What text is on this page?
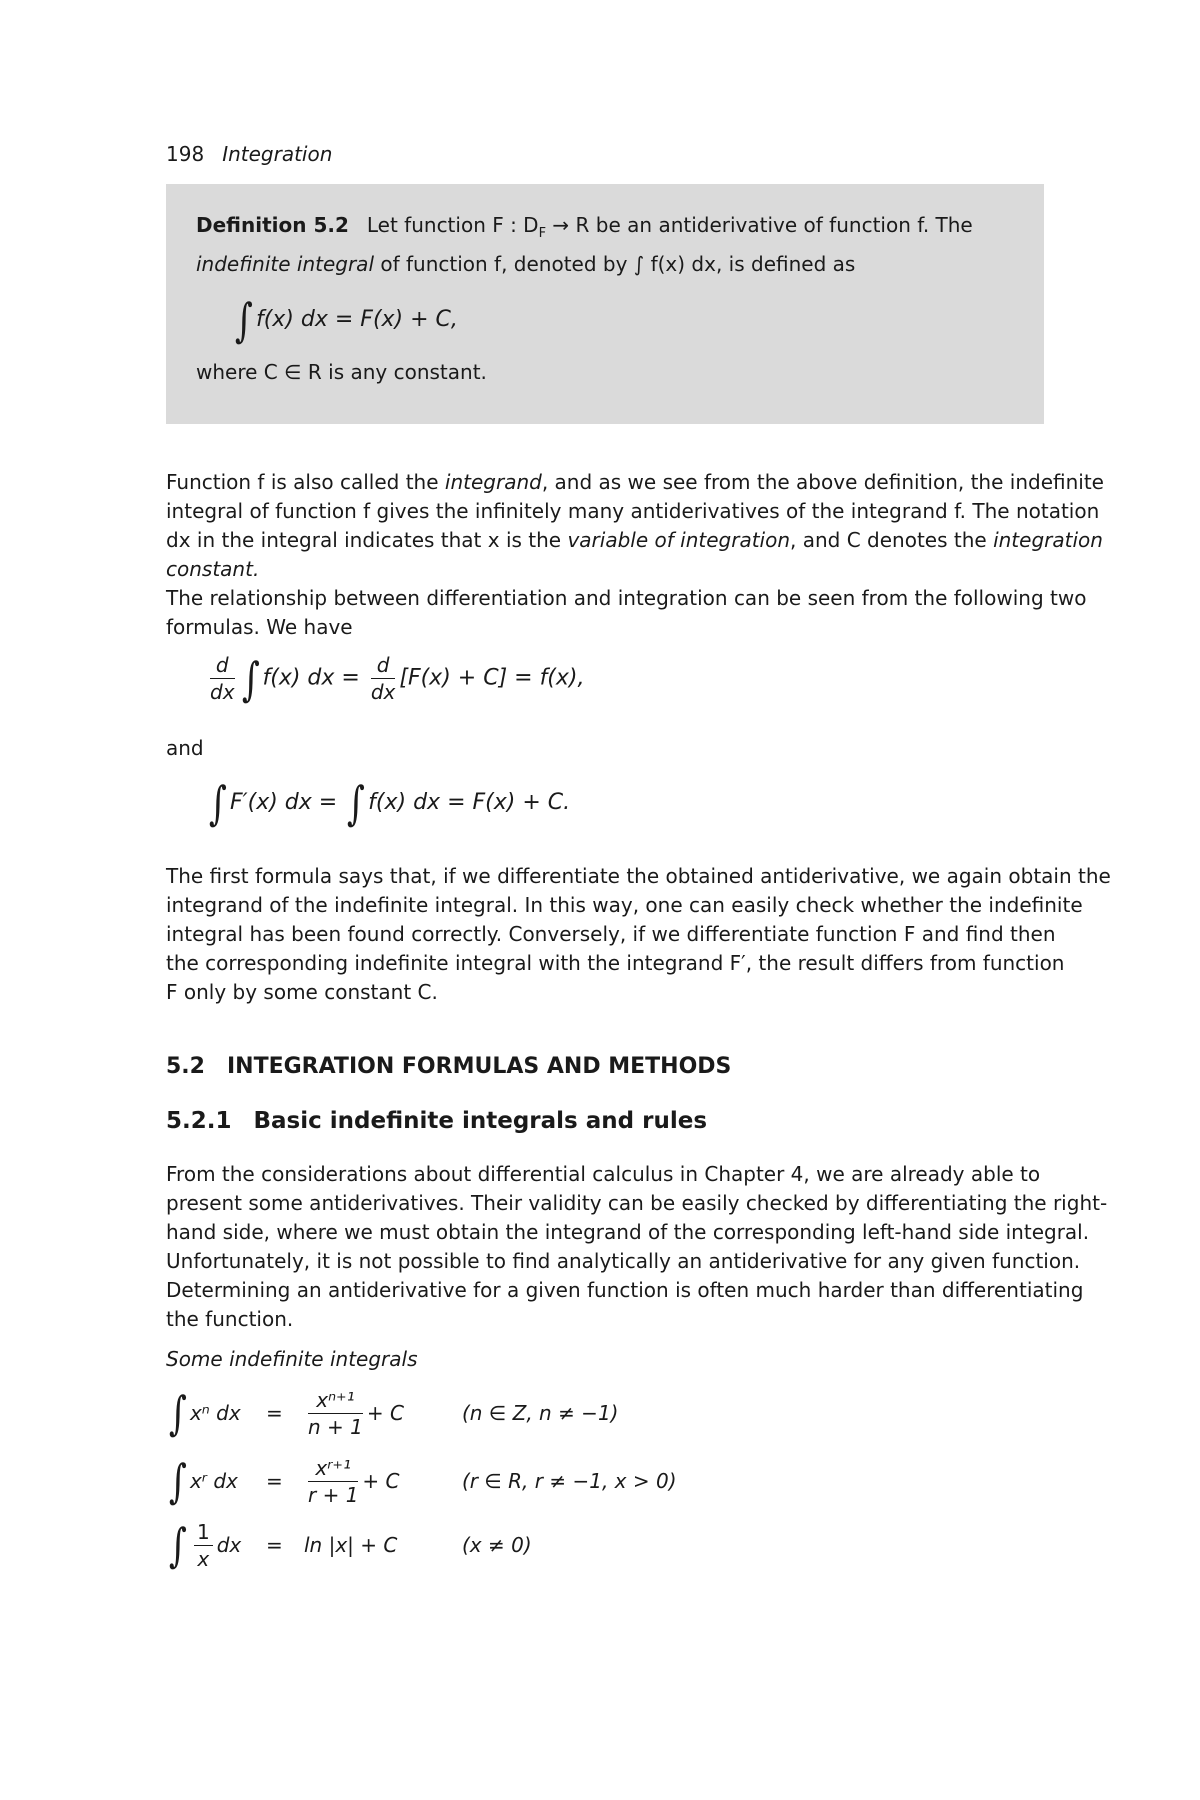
198 Integration
Definition 5.2 Let function F : $D_F \to R$ be an antiderivative of function f. The
indefinite integral of function f, denoted by ∫ f(x) dx, is defined as
∫ f(x) dx = F(x) + C,
where C ∈ R is any constant.
Function f is also called the integrand, and as we see from the above definition, the indefinite
integral of function f gives the infinitely many antiderivatives of the integrand f. The notation
dx in the integral indicates that x is the variable of integration, and C denotes the integration
constant.
The relationship between differentiation and integration can be seen from the following two
formulas. We have
$\frac{d}{dx}$ ∫ f(x) dx = $\frac{d}{dx} [F(x) + C] = f(x)$,
and
∫ F′(x) dx = ∫ f(x) dx = F(x) + C.
The first formula says that, if we differentiate the obtained antiderivative, we again obtain the
integrand of the indefinite integral. In this way, one can easily check whether the indefinite
integral has been found correctly. Conversely, if we differentiate function F and find then
the corresponding indefinite integral with the integrand F′, the result differs from function
F only by some constant C.
5.2 INTEGRATION FORMULAS AND METHODS
5.2.1 Basic indefinite integrals and rules
From the considerations about differential calculus in Chapter 4, we are already able to
present some antiderivatives. Their validity can be easily checked by differentiating the right-
hand side, where we must obtain the integrand of the corresponding left-hand side integral.
Unfortunately, it is not possible to find analytically an antiderivative for any given function.
Determining an antiderivative for a given function is often much harder than differentiating
the function.
Some indefinite integrals
∫ xⁿ dx = $\frac{\text{xⁿ⁺¹}}{n + 1} + C$	(n ∈ Z, n ≠ −1)
∫ xʳ dx = $\frac{\text{xʳ⁺¹}}{r + 1} + C$	(r ∈ R, r ≠ −1, x > 0)
∫ $\frac{1}{x}$ dx = ln |x| + C	(x ≠ 0)
